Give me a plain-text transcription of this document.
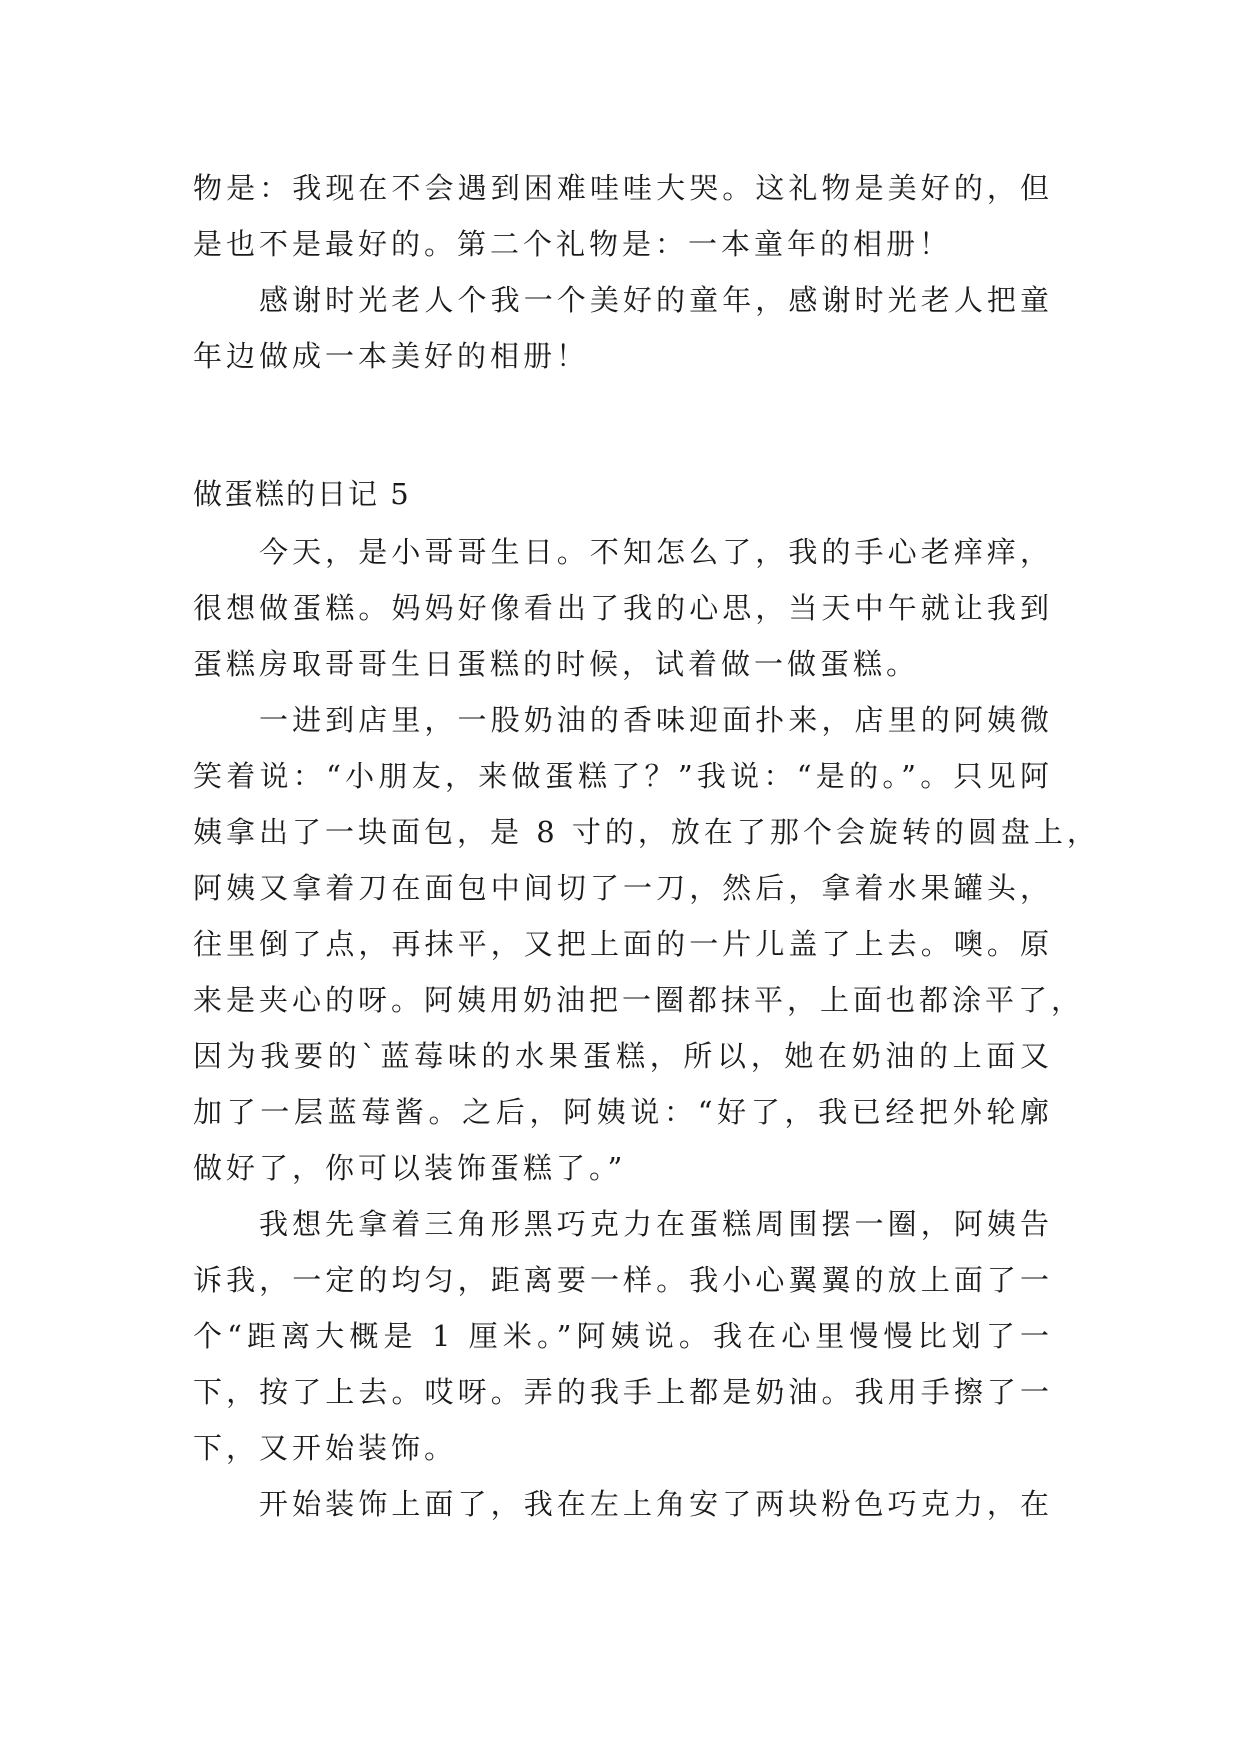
物是：我现在不会遇到困难哇哇大哭。这礼物是美好的，但
是也不是最好的。第二个礼物是：一本童年的相册！
感谢时光老人个我一个美好的童年，感谢时光老人把童
年边做成一本美好的相册！
做蛋糕的日记 5
今天，是小哥哥生日。不知怎么了，我的手心老痒痒，
很想做蛋糕。妈妈好像看出了我的心思，当天中午就让我到
蛋糕房取哥哥生日蛋糕的时候，试着做一做蛋糕。
一进到店里，一股奶油的香味迎面扑来，店里的阿姨微
笑着说：“小朋友，来做蛋糕了？”我说：“是的。”。只见阿
姨拿出了一块面包，是 8 寸的，放在了那个会旋转的圆盘上，
阿姨又拿着刀在面包中间切了一刀，然后，拿着水果罐头，
往里倒了点，再抹平，又把上面的一片儿盖了上去。噢。原
来是夹心的呀。阿姨用奶油把一圈都抹平，上面也都涂平了，
因为我要的`蓝莓味的水果蛋糕，所以，她在奶油的上面又
加了一层蓝莓酱。之后，阿姨说：“好了，我已经把外轮廓
做好了，你可以装饰蛋糕了。”
我想先拿着三角形黑巧克力在蛋糕周围摆一圈，阿姨告
诉我，一定的均匀，距离要一样。我小心翼翼的放上面了一
个“距离大概是 1 厘米。”阿姨说。我在心里慢慢比划了一
下，按了上去。哎呀。弄的我手上都是奶油。我用手擦了一
下，又开始装饰。
开始装饰上面了，我在左上角安了两块粉色巧克力，在
